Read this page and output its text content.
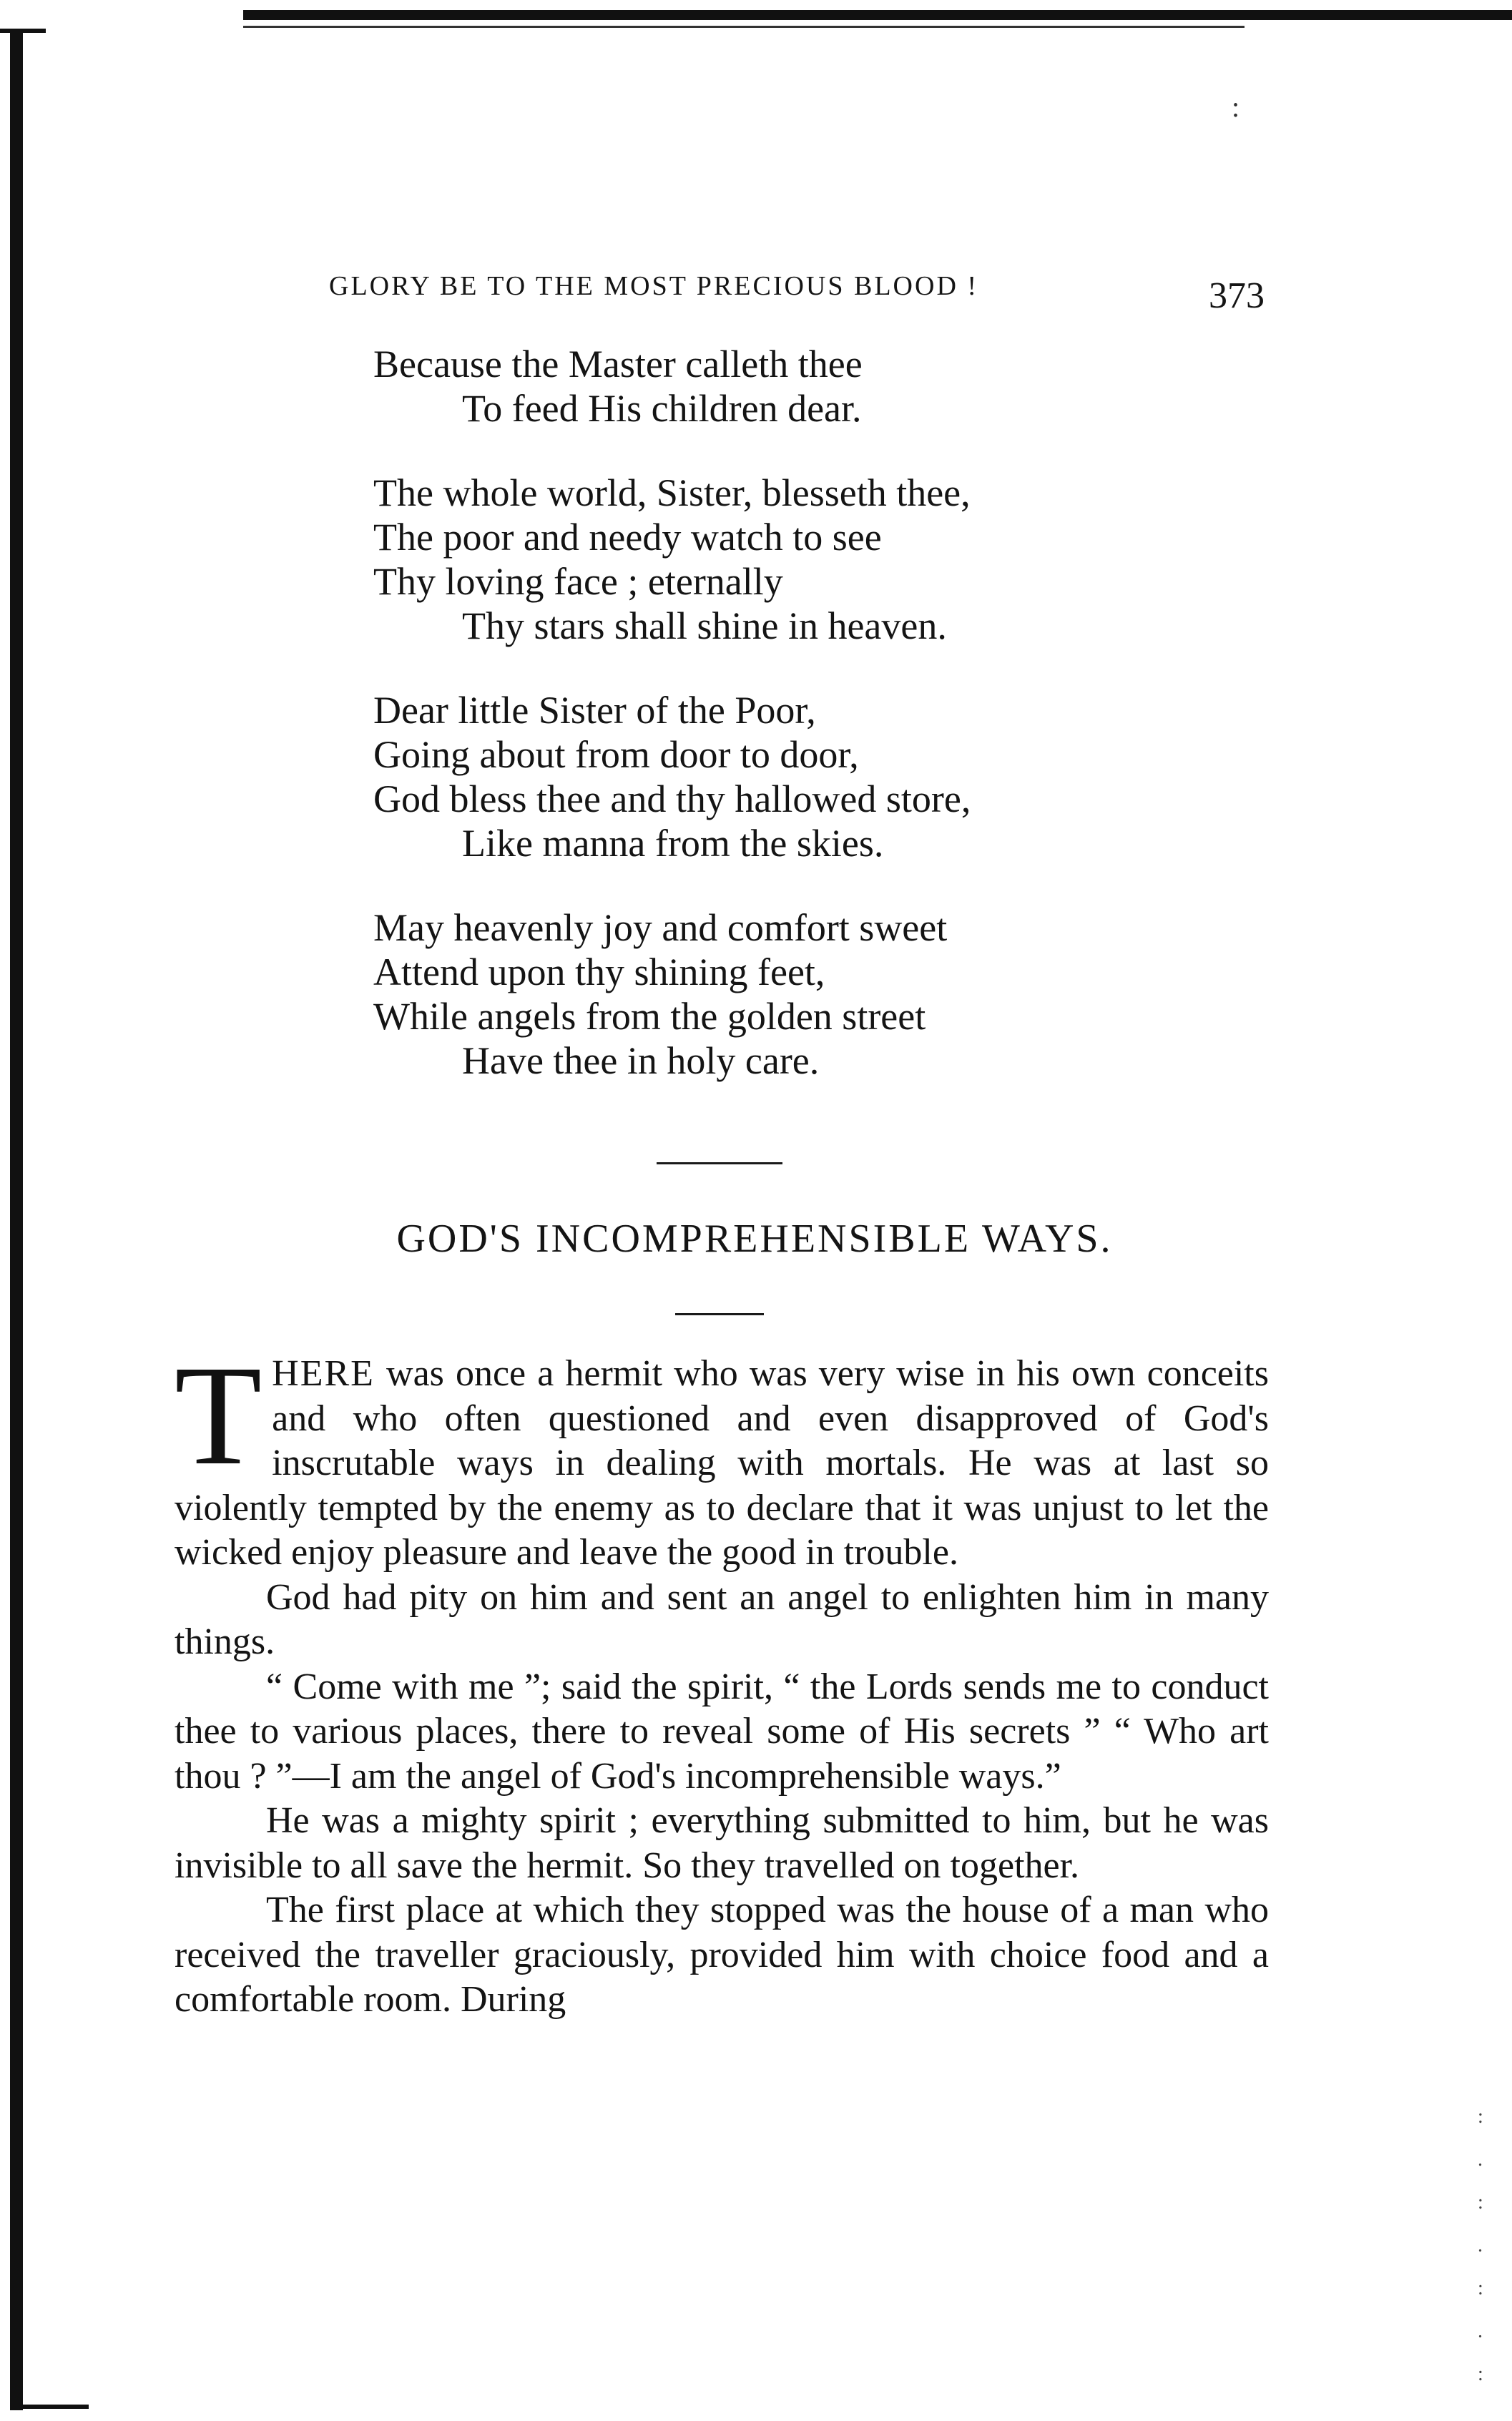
:
:
.
:
.
:
.
:
GLORY BE TO THE MOST PRECIOUS BLOOD !	373
Because the Master calleth thee
To feed His children dear.
The whole world, Sister, blesseth thee,
The poor and needy watch to see
Thy loving face ; eternally
Thy stars shall shine in heaven.
Dear little Sister of the Poor,
Going about from door to door,
God bless thee and thy hallowed store,
Like manna from the skies.
May heavenly joy and comfort sweet
Attend upon thy shining feet,
While angels from the golden street
Have thee in holy care.
GOD'S INCOMPREHENSIBLE WAYS.

THERE was once a hermit who was very wise in his own conceits and who often questioned and even disapproved of God's inscrutable ways in dealing with mortals. He was at last so violently tempted by the enemy as to declare that it was unjust to let the wicked enjoy pleasure and leave the good in trouble.

God had pity on him and sent an angel to enlighten him in many things.

“ Come with me ”; said the spirit, “ the Lords sends me to conduct thee to various places, there to reveal some of His secrets ” “ Who art thou ? ”—I am the angel of God's incomprehensible ways.”

He was a mighty spirit ; everything submitted to him, but he was invisible to all save the hermit. So they travelled on together.

The first place at which they stopped was the house of a man who received the traveller graciously, provided him with choice food and a comfortable room. During
